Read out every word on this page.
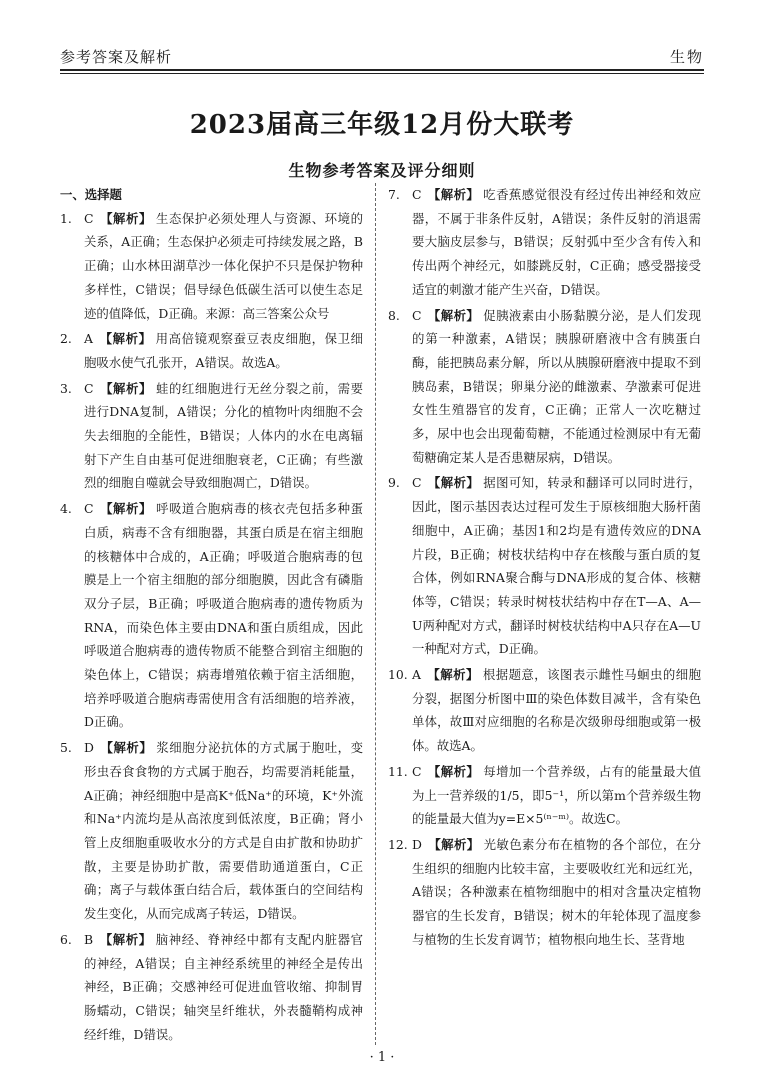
参考答案及解析	生物
2023届高三年级12月份大联考
生物参考答案及评分细则
一、选择题
1. C 【解析】 生态保护必须处理人与资源、环境的关系，A正确；生态保护必须走可持续发展之路，B正确；山水林田湖草沙一体化保护不只是保护物种多样性，C错误；倡导绿色低碳生活可以使生态足迹的值降低，D正确。来源：高三答案公众号
2. A 【解析】 用高倍镜观察蚕豆表皮细胞，保卫细胞吸水使气孔张开，A错误。故选A。
3. C 【解析】 蛙的红细胞进行无丝分裂之前，需要进行DNA复制，A错误；分化的植物叶肉细胞不会失去细胞的全能性，B错误；人体内的水在电离辐射下产生自由基可促进细胞衰老，C正确；有些激烈的细胞自噬就会导致细胞凋亡，D错误。
4. C 【解析】 呼吸道合胞病毒的核衣壳包括多种蛋白质，病毒不含有细胞器，其蛋白质是在宿主细胞的核糖体中合成的，A正确；呼吸道合胞病毒的包膜是上一个宿主细胞的部分细胞膜，因此含有磷脂双分子层，B正确；呼吸道合胞病毒的遗传物质为RNA，而染色体主要由DNA和蛋白质组成，因此呼吸道合胞病毒的遗传物质不能整合到宿主细胞的染色体上，C错误；病毒增殖依赖于宿主活细胞，培养呼吸道合胞病毒需使用含有活细胞的培养液，D正确。
5. D 【解析】 浆细胞分泌抗体的方式属于胞吐，变形虫吞食食物的方式属于胞吞，均需要消耗能量，A正确；神经细胞中是高K⁺低Na⁺的环境，K⁺外流和Na⁺内流均是从高浓度到低浓度，B正确；肾小管上皮细胞重吸收水分的方式是自由扩散和协助扩散，主要是协助扩散，需要借助通道蛋白，C正确；离子与载体蛋白结合后，载体蛋白的空间结构发生变化，从而完成离子转运，D错误。
6. B 【解析】 脑神经、脊神经中都有支配内脏器官的神经，A错误；自主神经系统里的神经全是传出神经，B正确；交感神经可促进血管收缩、抑制胃肠蠕动，C错误；轴突呈纤维状，外表髓鞘构成神经纤维，D错误。
7. C 【解析】 吃香蕉感觉很没有经过传出神经和效应器，不属于非条件反射，A错误；条件反射的消退需要大脑皮层参与，B错误；反射弧中至少含有传入和传出两个神经元，如膝跳反射，C正确；感受器接受适宜的刺激才能产生兴奋，D错误。
8. C 【解析】 促胰液素由小肠黏膜分泌，是人们发现的第一种激素，A错误；胰腺研磨液中含有胰蛋白酶，能把胰岛素分解，所以从胰腺研磨液中提取不到胰岛素，B错误；卵巢分泌的雌激素、孕激素可促进女性生殖器官的发育，C正确；正常人一次吃糖过多，尿中也会出现葡萄糖，不能通过检测尿中有无葡萄糖确定某人是否患糖尿病，D错误。
9. C 【解析】 据图可知，转录和翻译可以同时进行，因此，图示基因表达过程可发生于原核细胞大肠杆菌细胞中，A正确；基因1和2均是有遗传效应的DNA片段，B正确；树枝状结构中存在核酸与蛋白质的复合体，例如RNA聚合酶与DNA形成的复合体、核糖体等，C错误；转录时树枝状结构中存在T—A、A—U两种配对方式，翻译时树枝状结构中A只存在A—U一种配对方式，D正确。
10. A 【解析】 根据题意，该图表示雌性马蛔虫的细胞分裂，据图分析图中Ⅲ的染色体数目减半，含有染色单体，故Ⅲ对应细胞的名称是次级卵母细胞或第一极体。故选A。
11. C 【解析】 每增加一个营养级，占有的能量最大值为上一营养级的1/5，即5⁻¹，所以第m个营养级生物的能量最大值为y=E×5⁽ⁿ⁻ᵐ⁾。故选C。
12. D 【解析】 光敏色素分布在植物的各个部位，在分生组织的细胞内比较丰富，主要吸收红光和远红光，A错误；各种激素在植物细胞中的相对含量决定植物器官的生长发育，B错误；树木的年轮体现了温度参与植物的生长发育调节；植物根向地生长、茎背地
· 1 ·
